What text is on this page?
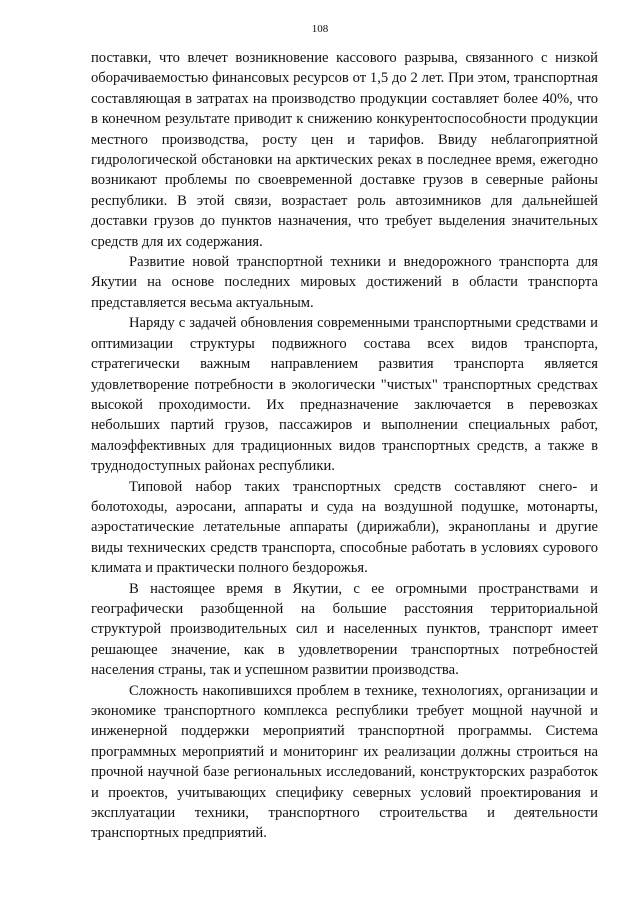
108

поставки, что влечет возникновение кассового разрыва, связанного с низкой оборачиваемостью финансовых ресурсов от 1,5 до 2 лет. При этом, транспортная составляющая в затратах на производство продукции составляет более 40%, что в конечном результате приводит к снижению конкурентоспособности продукции местного производства, росту цен и тарифов. Ввиду неблагоприятной гидрологической обстановки на арктических реках в последнее время, ежегодно возникают проблемы по своевременной доставке грузов в северные районы республики. В этой связи, возрастает роль автозимников для дальнейшей доставки грузов до пунктов назначения, что требует выделения значительных средств для их содержания.

Развитие новой транспортной техники и внедорожного транспорта для Якутии на основе последних мировых достижений в области транспорта представляется весьма актуальным.

Наряду с задачей обновления современными транспортными средствами и оптимизации структуры подвижного состава всех видов транспорта, стратегически важным направлением развития транспорта является удовлетворение потребности в экологически "чистых" транспортных средствах высокой проходимости. Их предназначение заключается в перевозках небольших партий грузов, пассажиров и выполнении специальных работ, малоэффективных для традиционных видов транспортных средств, а также в труднодоступных районах республики.

Типовой набор таких транспортных средств составляют снего- и болотоходы, аэросани, аппараты и суда на воздушной подушке, мотонарты, аэростатические летательные аппараты (дирижабли), экранопланы и другие виды технических средств транспорта, способные работать в условиях сурового климата и практически полного бездорожья.

В настоящее время в Якутии, с ее огромными пространствами и географически разобщенной на большие расстояния территориальной структурой производительных сил и населенных пунктов, транспорт имеет решающее значение, как в удовлетворении транспортных потребностей населения страны, так и успешном развитии производства.

Сложность накопившихся проблем в технике, технологиях, организации и экономике транспортного комплекса республики требует мощной научной и инженерной поддержки мероприятий транспортной программы. Система программных мероприятий и мониторинг их реализации должны строиться на прочной научной базе региональных исследований, конструкторских разработок и проектов, учитывающих специфику северных условий проектирования и эксплуатации техники, транспортного строительства и деятельности транспортных предприятий.
